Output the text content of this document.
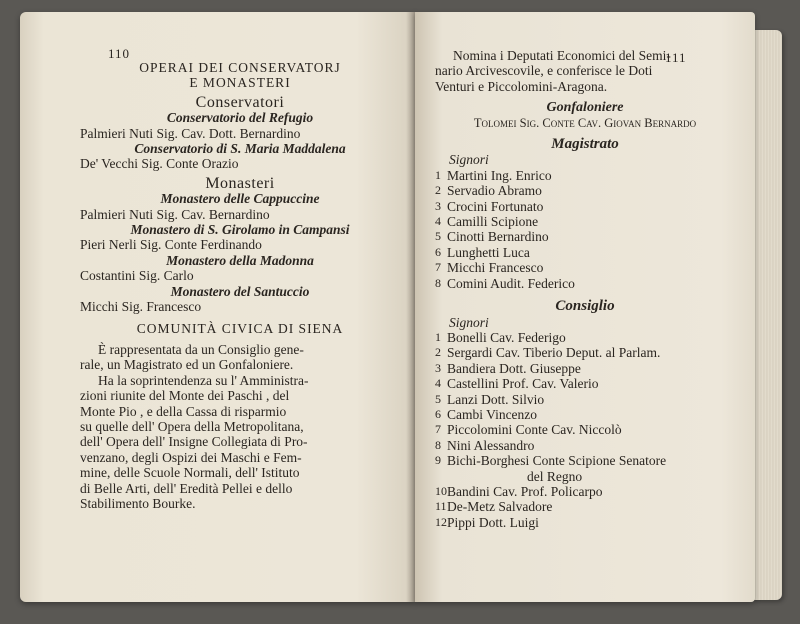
110
OPERAI DEI CONSERVATORJ
E MONASTERI
Conservatori
Conservatorio del Refugio
Palmieri Nuti Sig. Cav. Dott. Bernardino
Conservatorio di S. Maria Maddalena
De' Vecchi Sig. Conte Orazio
Monasteri
Monastero delle Cappuccine
Palmieri Nuti Sig. Cav. Bernardino
Monastero di S. Girolamo in Campansi
Pieri Nerli Sig. Conte Ferdinando
Monastero della Madonna
Costantini Sig. Carlo
Monastero del Santuccio
Micchi Sig. Francesco
COMUNITÀ CIVICA DI SIENA
È rappresentata da un Consiglio gene-
rale, un Magistrato ed un Gonfaloniere.
Ha la soprintendenza su l' Amministra-
zioni riunite del Monte dei Paschi , del
Monte Pio , e della Cassa di risparmio
su quelle dell' Opera della Metropolitana,
dell' Opera dell' Insigne Collegiata di Pro-
venzano, degli Ospizi dei Maschi e Fem-
mine, delle Scuole Normali, dell' Istituto
di Belle Arti, dell' Eredità Pellei e dello
Stabilimento Bourke.
111
Nomina i Deputati Economici del Semi-
nario Arcivescovile, e conferisce le Doti
Venturi e Piccolomini-Aragona.
Gonfaloniere
Tolomei Sig. Conte Cav. Giovan Bernardo
Magistrato
Signori
1 Martini Ing. Enrico
2 Servadio Abramo
3 Crocini Fortunato
4 Camilli Scipione
5 Cinotti Bernardino
6 Lunghetti Luca
7 Micchi Francesco
8 Comini Audit. Federico
Consiglio
Signori
1 Bonelli Cav. Federigo
2 Sergardi Cav. Tiberio Deput. al Parlam.
3 Bandiera Dott. Giuseppe
4 Castellini Prof. Cav. Valerio
5 Lanzi Dott. Silvio
6 Cambi Vincenzo
7 Piccolomini Conte Cav. Niccolò
8 Nini Alessandro
9 Bichi-Borghesi Conte Scipione Senatore
del Regno
10 Bandini Cav. Prof. Policarpo
11 De-Metz Salvadore
12 Pippi Dott. Luigi
